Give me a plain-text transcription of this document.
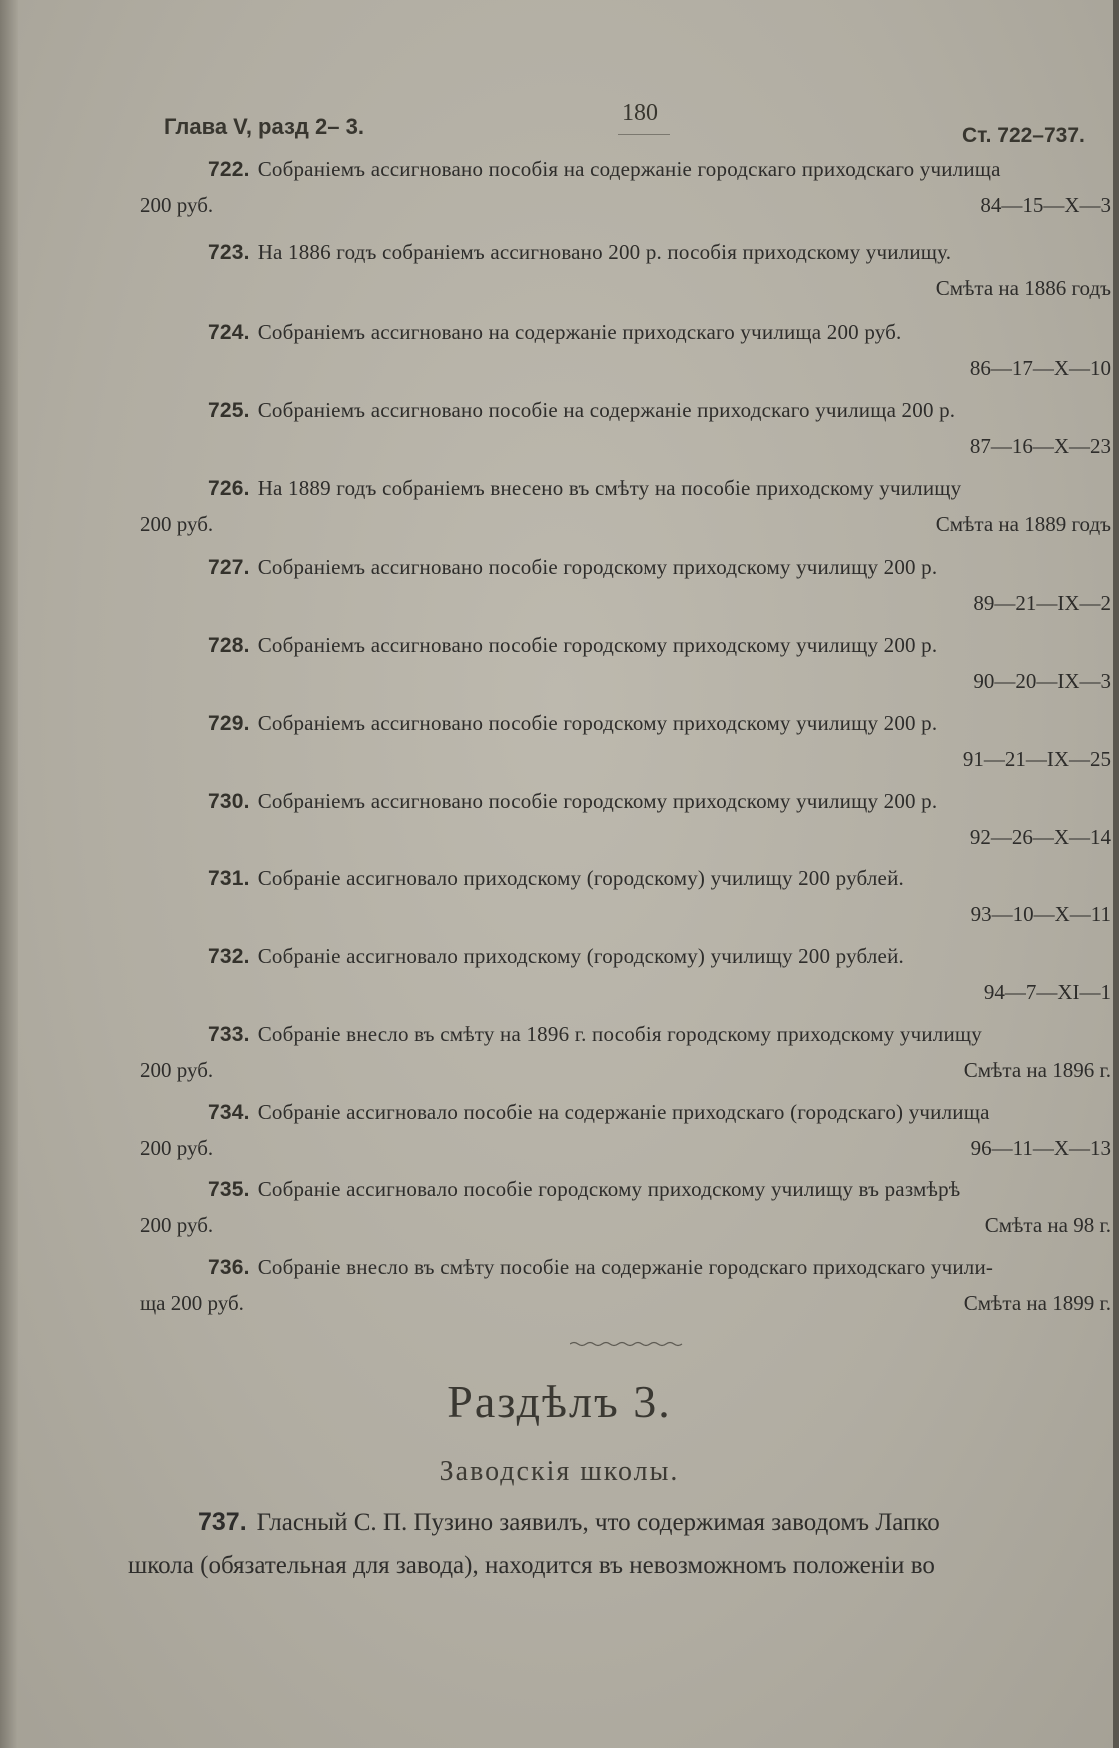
Глава V, разд 2– 3.
180
Ст. 722–737.
722. Собраніемъ ассигновано пособія на содержаніе городскаго приходскаго училища
200 руб.	84—15—X—3
723. На 1886 годъ собраніемъ ассигновано 200 р. пособія приходскому училищу.
Смѣта на 1886 годъ
724. Собраніемъ ассигновано на содержаніе приходскаго училища 200 руб.
86—17—X—10
725. Собраніемъ ассигновано пособіе на содержаніе приходскаго училища 200 р.
87—16—X—23
726. На 1889 годъ собраніемъ внесено въ смѣту на пособіе приходскому училищу
200 руб.	Смѣта на 1889 годъ
727. Собраніемъ ассигновано пособіе городскому приходскому училищу 200 р.
89—21—IX—2
728. Собраніемъ ассигновано пособіе городскому приходскому училищу 200 р.
90—20—IX—3
729. Собраніемъ ассигновано пособіе городскому приходскому училищу 200 р.
91—21—IX—25
730. Собраніемъ ассигновано пособіе городскому приходскому училищу 200 р.
92—26—X—14
731. Собраніе ассигновало приходскому (городскому) училищу 200 рублей.
93—10—X—11
732. Собраніе ассигновало приходскому (городскому) училищу 200 рублей.
94—7—XI—1
733. Собраніе внесло въ смѣту на 1896 г. пособія городскому приходскому училищу
200 руб.	Смѣта на 1896 г.
734. Собраніе ассигновало пособіе на содержаніе приходскаго (городскаго) училища
200 руб.	96—11—X—13
735. Собраніе ассигновало пособіе городскому приходскому училищу въ размѣрѣ
200 руб.	Смѣта на 98 г.
736. Собраніе внесло въ смѣту пособіе на содержаніе городскаго приходскаго учили-
ща 200 руб.	Смѣта на 1899 г.
Раздѣлъ 3.
Заводскія школы.
737. Гласный С. П. Пузино заявилъ, что содержимая заводомъ Лапко
школа (обязательная для завода), находится въ невозможномъ положеніи во
